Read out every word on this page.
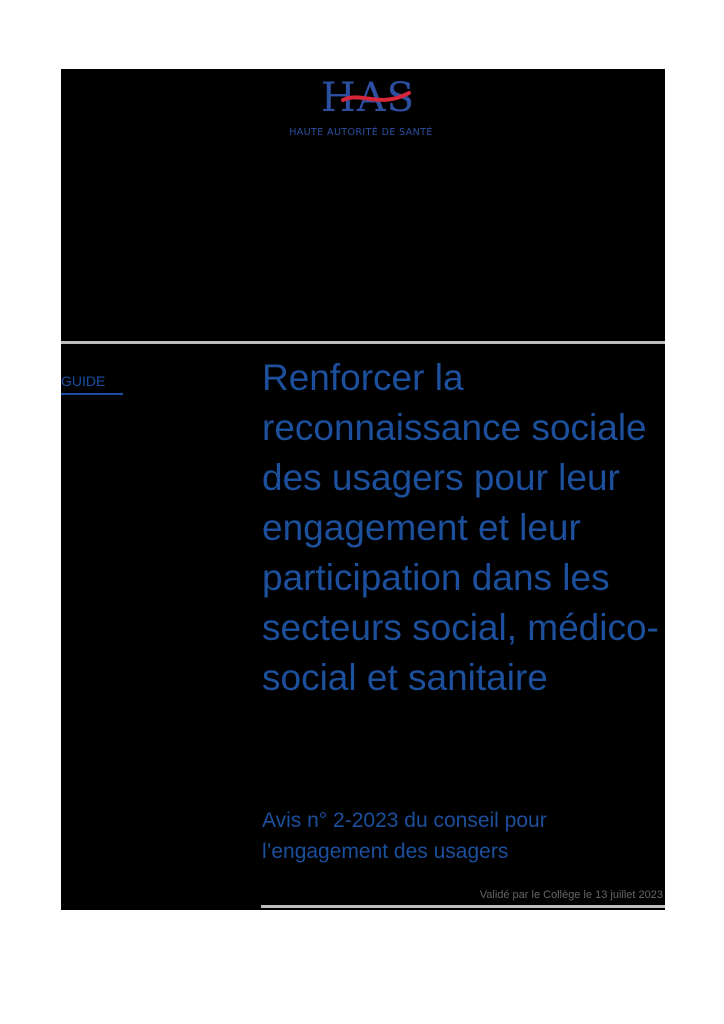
HAS
HAUTE AUTORITÉ DE SANTÉ
GUIDE	Renforcer la reconnaissance sociale des usagers pour leur engagement et leur participation dans les secteurs social, médico-social et sanitaire

Avis n° 2-2023 du conseil pour l’engagement des usagers

Validé par le Collège le 13 juillet 2023
